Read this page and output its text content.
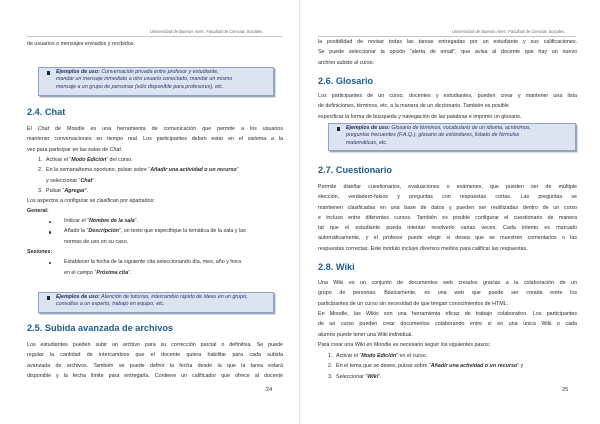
Universidad de Buenos Aires. Facultad de Ciencias Sociales.
de usuarios o mensajes enviados y recibidos.
Ejemplos de uso: Conversación privada entre profesor y estudiante,
mandar un mensaje inmediato a otro usuario conectado, mandar un mismo
mensaje a un grupo de personas (sólo disponible para profesores), etc.
2.4. Chat
El Chat de Moodle es una herramienta de comunicación que permite a los usuarios
mantener conversaciones en tiempo real. Los participantes deben estar en el sistema a la
vez para participar en las salas de Chat.
1. Activar el “Modo Edición” del curso.
2. En la semana/tema oportuno, pulsar sobre “Añadir una actividad o un recurso”
y seleccionar “Chat”.
3. Pulsar “Agregar”.
Los aspectos a configurar se clasifican por apartados:
General:
Indicar el “Nombre de la sala”.
Añadir la “Descripción”, un texto que especifique la temática de la sala y las
normas de uso en su caso.
Sesiones:
Establecer la fecha de la siguiente cita seleccionando día, mes, año y hora
en el campo “Próxima cita”.
Ejemplos de uso: Atención de tutorías, intercambio rápido de ideas en un grupo,
consultas a un experto, trabajo en equipo, etc.
2.5. Subida avanzada de archivos
Los estudiantes pueden subir un archivo para su corrección parcial o definitiva. Se puede
regular la cantidad de intercambios que el docente quiera habilitar para cada subida
avanzada de archivos. También se puede definir la fecha desde la que la tarea estará
disponible y la fecha límite para entregarla. Contiene un calificador que ofrece al docente
24
Universidad de Buenos Aires. Facultad de Ciencias Sociales.
la posibilidad de revisar todas las tareas entregadas por un estudiante y sus calificaciones.
Se puede seleccionar la opción “alerta de email”, que avisa al docente que hay un nuevo
archivo subido al curso.
2.6. Glosario
Los participantes de un curso, docentes y estudiantes, pueden crear y mantener una lista
de definiciones, términos, etc, a la manera de un diccionario. También es posible
especificar la forma de búsqueda y navegación de las palabras e imprimir un glosario.
Ejemplos de uso: Glosario de términos, vocabulario de un idioma, acrónimos,
preguntas frecuentes (F.A.Q.), glosario de estándares, listado de fórmulas
matemáticas, etc.
2.7. Cuestionario
Permite diseñar cuestionarios, evaluaciones o exámenes, que pueden ser de múltiple
elección, verdadero-falsos y preguntas con respuestas cortas. Las preguntas se
mantienen clasificadas en una base de datos y pueden ser reutilizadas dentro de un curso
e incluso entre diferentes cursos. También es posible configurar el cuestionario de manera
tal que el estudiante pueda intentar resolverlo varias veces. Cada intento es marcado
automáticamente, y el profesor puede elegir si desea que se muestren comentarios o las
respuestas correctas. Este módulo incluye diversos medios para calificar las respuestas.
2.8. Wiki
Una Wiki es un conjunto de documentos web creados gracias a la colaboración de un
grupo de personas. Básicamente, es una web que puede ser creada entre los
participantes de un curso sin necesidad de que tengan conocimientos de HTML.
En Moodle, las Wikis son una herramienta eficaz de trabajo colaborativo. Los participantes
de un curso pueden crear documentos colaborando entre sí en una única Wiki o cada
alumno puede tener una Wiki individual.
Para crear una Wiki en Moodle es necesario seguir los siguientes pasos:
1. Activar el “Modo Edición” en el curso.
2. En el tema que se desee, pulsar sobre “Añadir una actividad o un recurso” y
3. Seleccionar “Wiki”.
25
